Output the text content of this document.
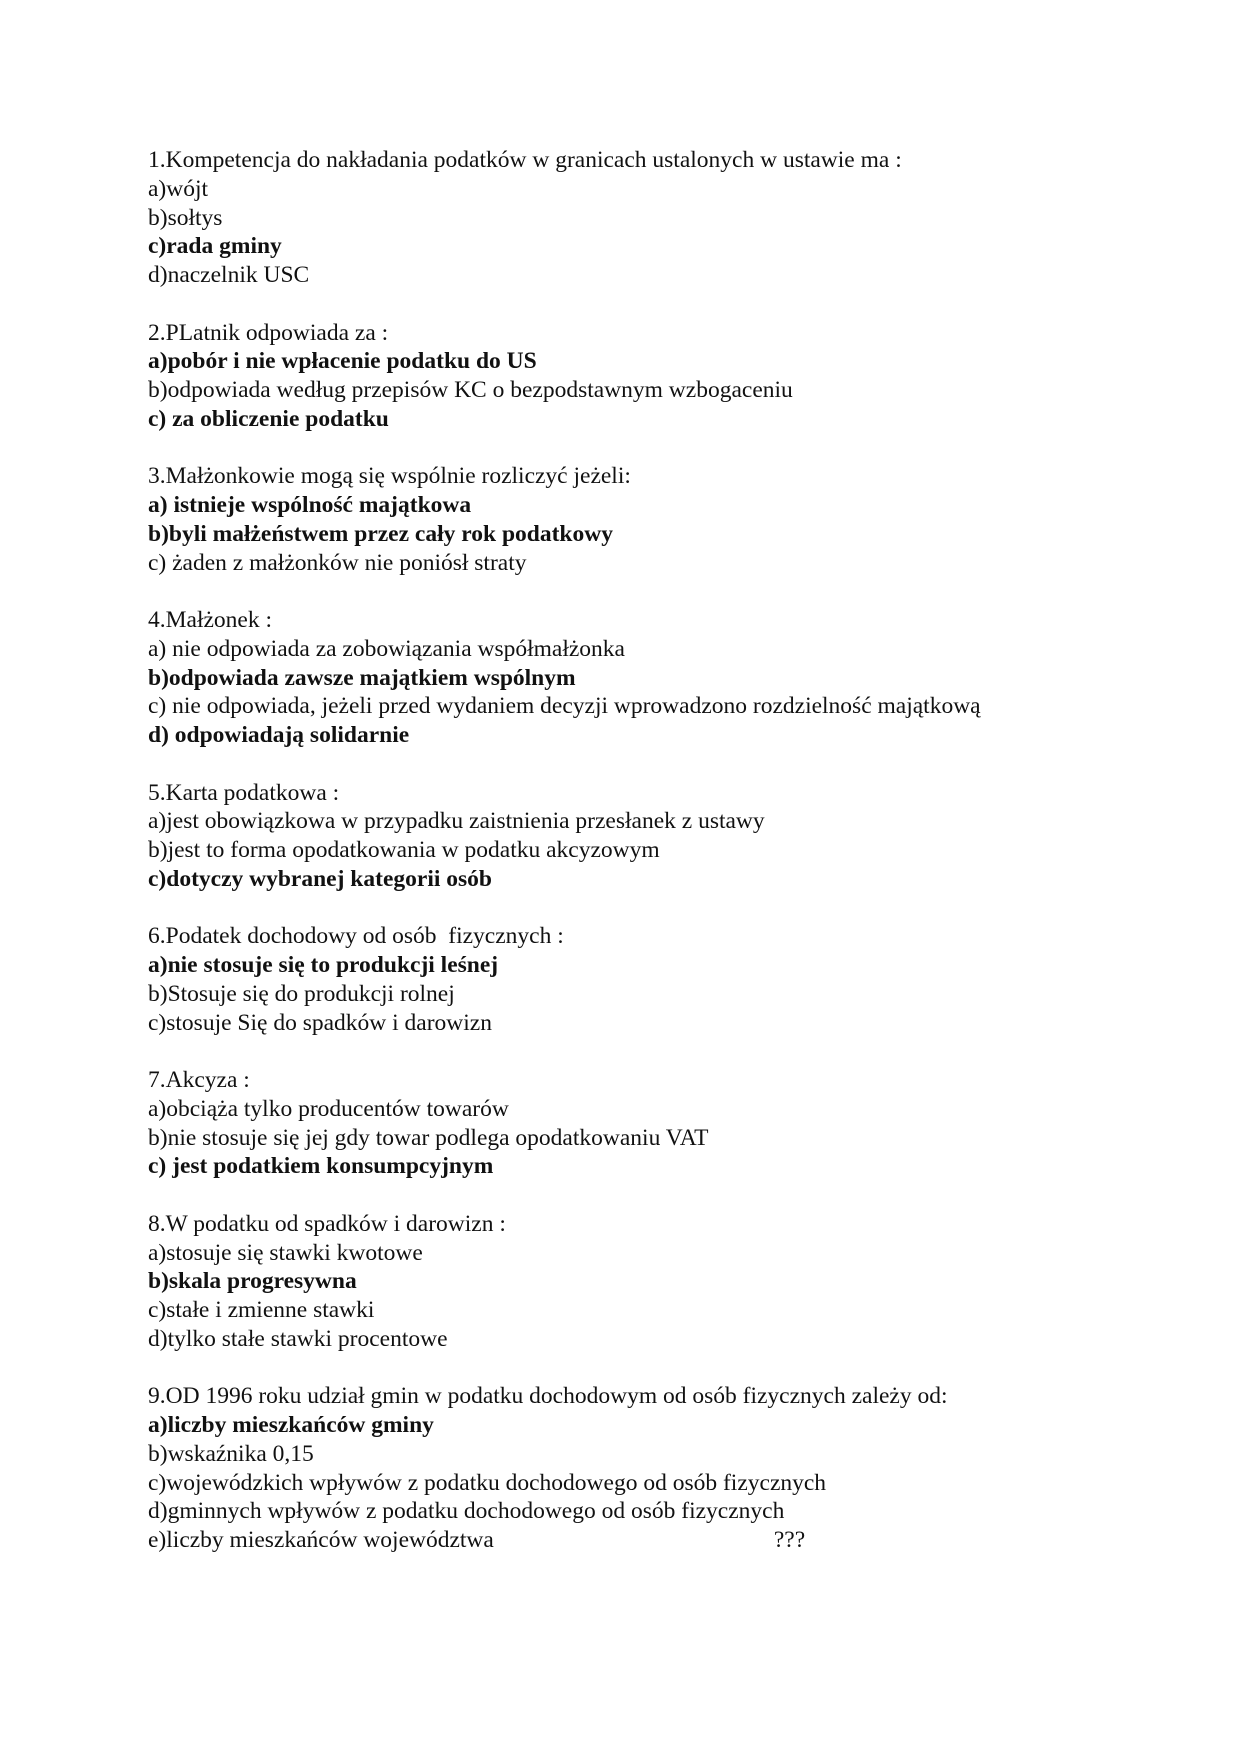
1.Kompetencja do nakładania podatków w granicach ustalonych w ustawie ma :
a)wójt
b)sołtys
c)rada gminy
d)naczelnik USC
2.PLatnik odpowiada za :
a)pobór i nie wpłacenie podatku do US
b)odpowiada według przepisów KC o bezpodstawnym wzbogaceniu
c) za obliczenie podatku
3.Małżonkowie mogą się wspólnie rozliczyć jeżeli:
a) istnieje wspólność majątkowa
b)byli małżeństwem przez cały rok podatkowy
c) żaden z małżonków nie poniósł straty
4.Małżonek :
a) nie odpowiada za zobowiązania współmałżonka
b)odpowiada zawsze majątkiem wspólnym
c) nie odpowiada, jeżeli przed wydaniem decyzji wprowadzono rozdzielność majątkową
d) odpowiadają solidarnie
5.Karta podatkowa :
a)jest obowiązkowa w przypadku zaistnienia przesłanek z ustawy
b)jest to forma opodatkowania w podatku akcyzowym
c)dotyczy wybranej kategorii osób
6.Podatek dochodowy od osób  fizycznych :
a)nie stosuje się to produkcji leśnej
b)Stosuje się do produkcji rolnej
c)stosuje Się do spadków i darowizn
7.Akcyza :
a)obciąża tylko producentów towarów
b)nie stosuje się jej gdy towar podlega opodatkowaniu VAT
c) jest podatkiem konsumpcyjnym
8.W podatku od spadków i darowizn :
a)stosuje się stawki kwotowe
b)skala progresywna
c)stałe i zmienne stawki
d)tylko stałe stawki procentowe
9.OD 1996 roku udział gmin w podatku dochodowym od osób fizycznych zależy od:
a)liczby mieszkańców gminy
b)wskaźnika 0,15
c)wojewódzkich wpływów z podatku dochodowego od osób fizycznych
d)gminnych wpływów z podatku dochodowego od osób fizycznych
e)liczby mieszkańców województwa	???
